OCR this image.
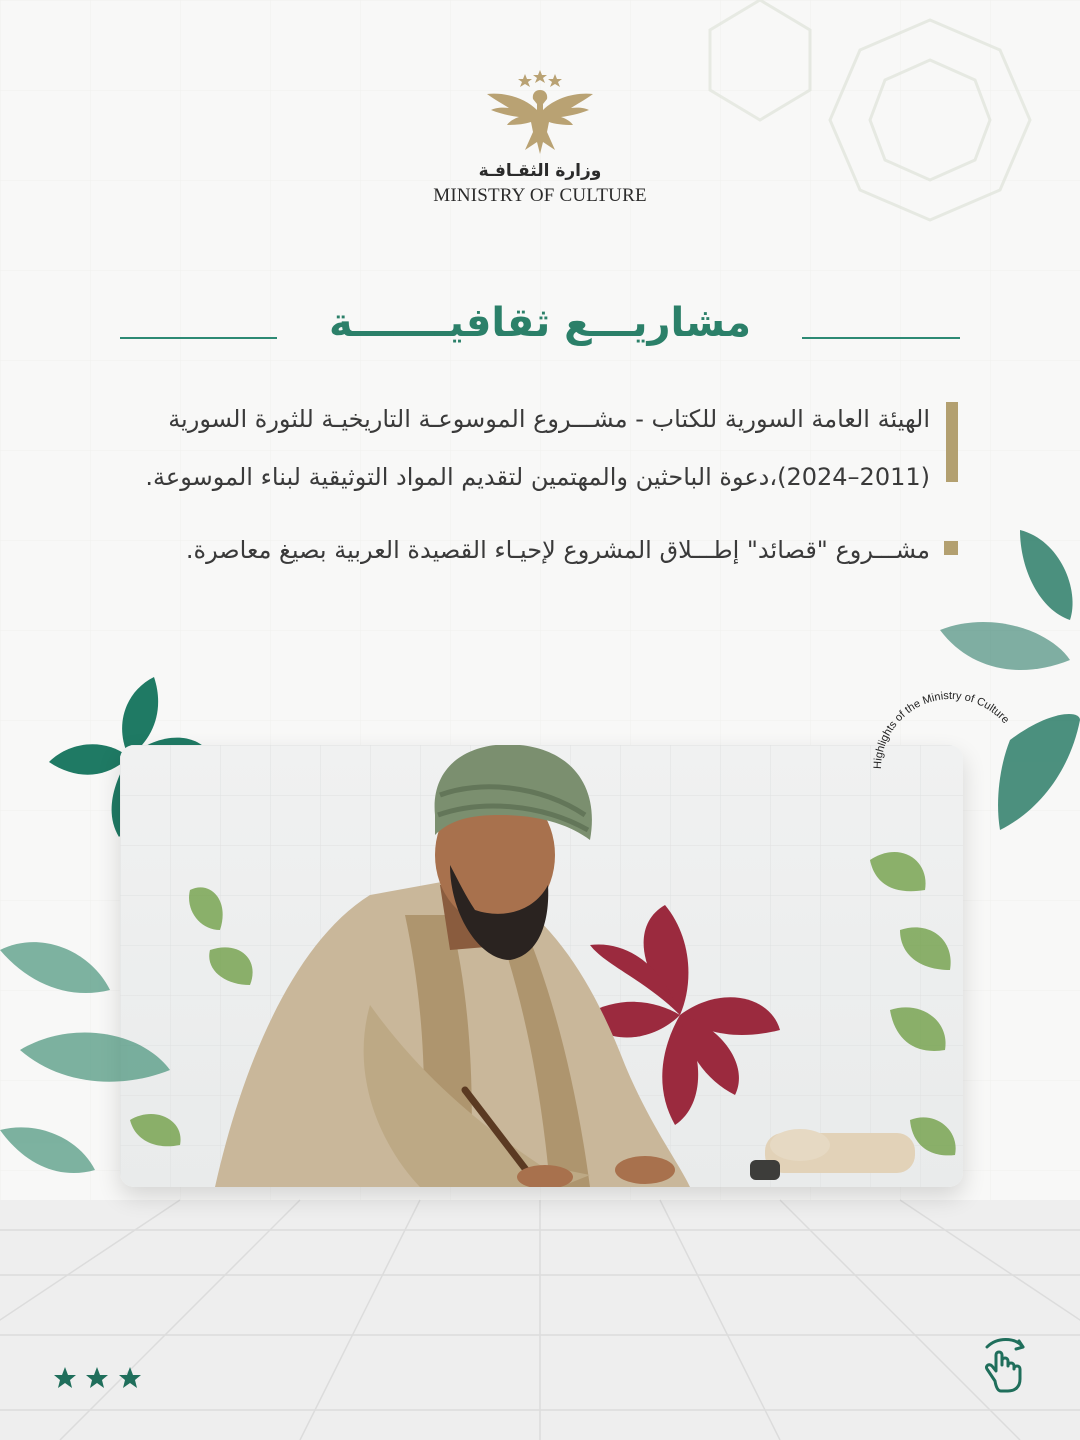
وزارة الثقـافـة
MINISTRY OF CULTURE
مشاريـــع ثقافيـــــــة
الهيئة العامة السورية للكتاب - مشـــروع الموسوعـة التاريخيـة للثورة السورية
(2011–2024)،دعوة الباحثين والمهتمين لتقديم المواد التوثيقية لبناء الموسوعة.
مشـــروع "قصائد" إطـــلاق المشروع لإحيـاء القصيدة العربية بصيغ معاصرة.
Highlights of the Ministry of Culture
